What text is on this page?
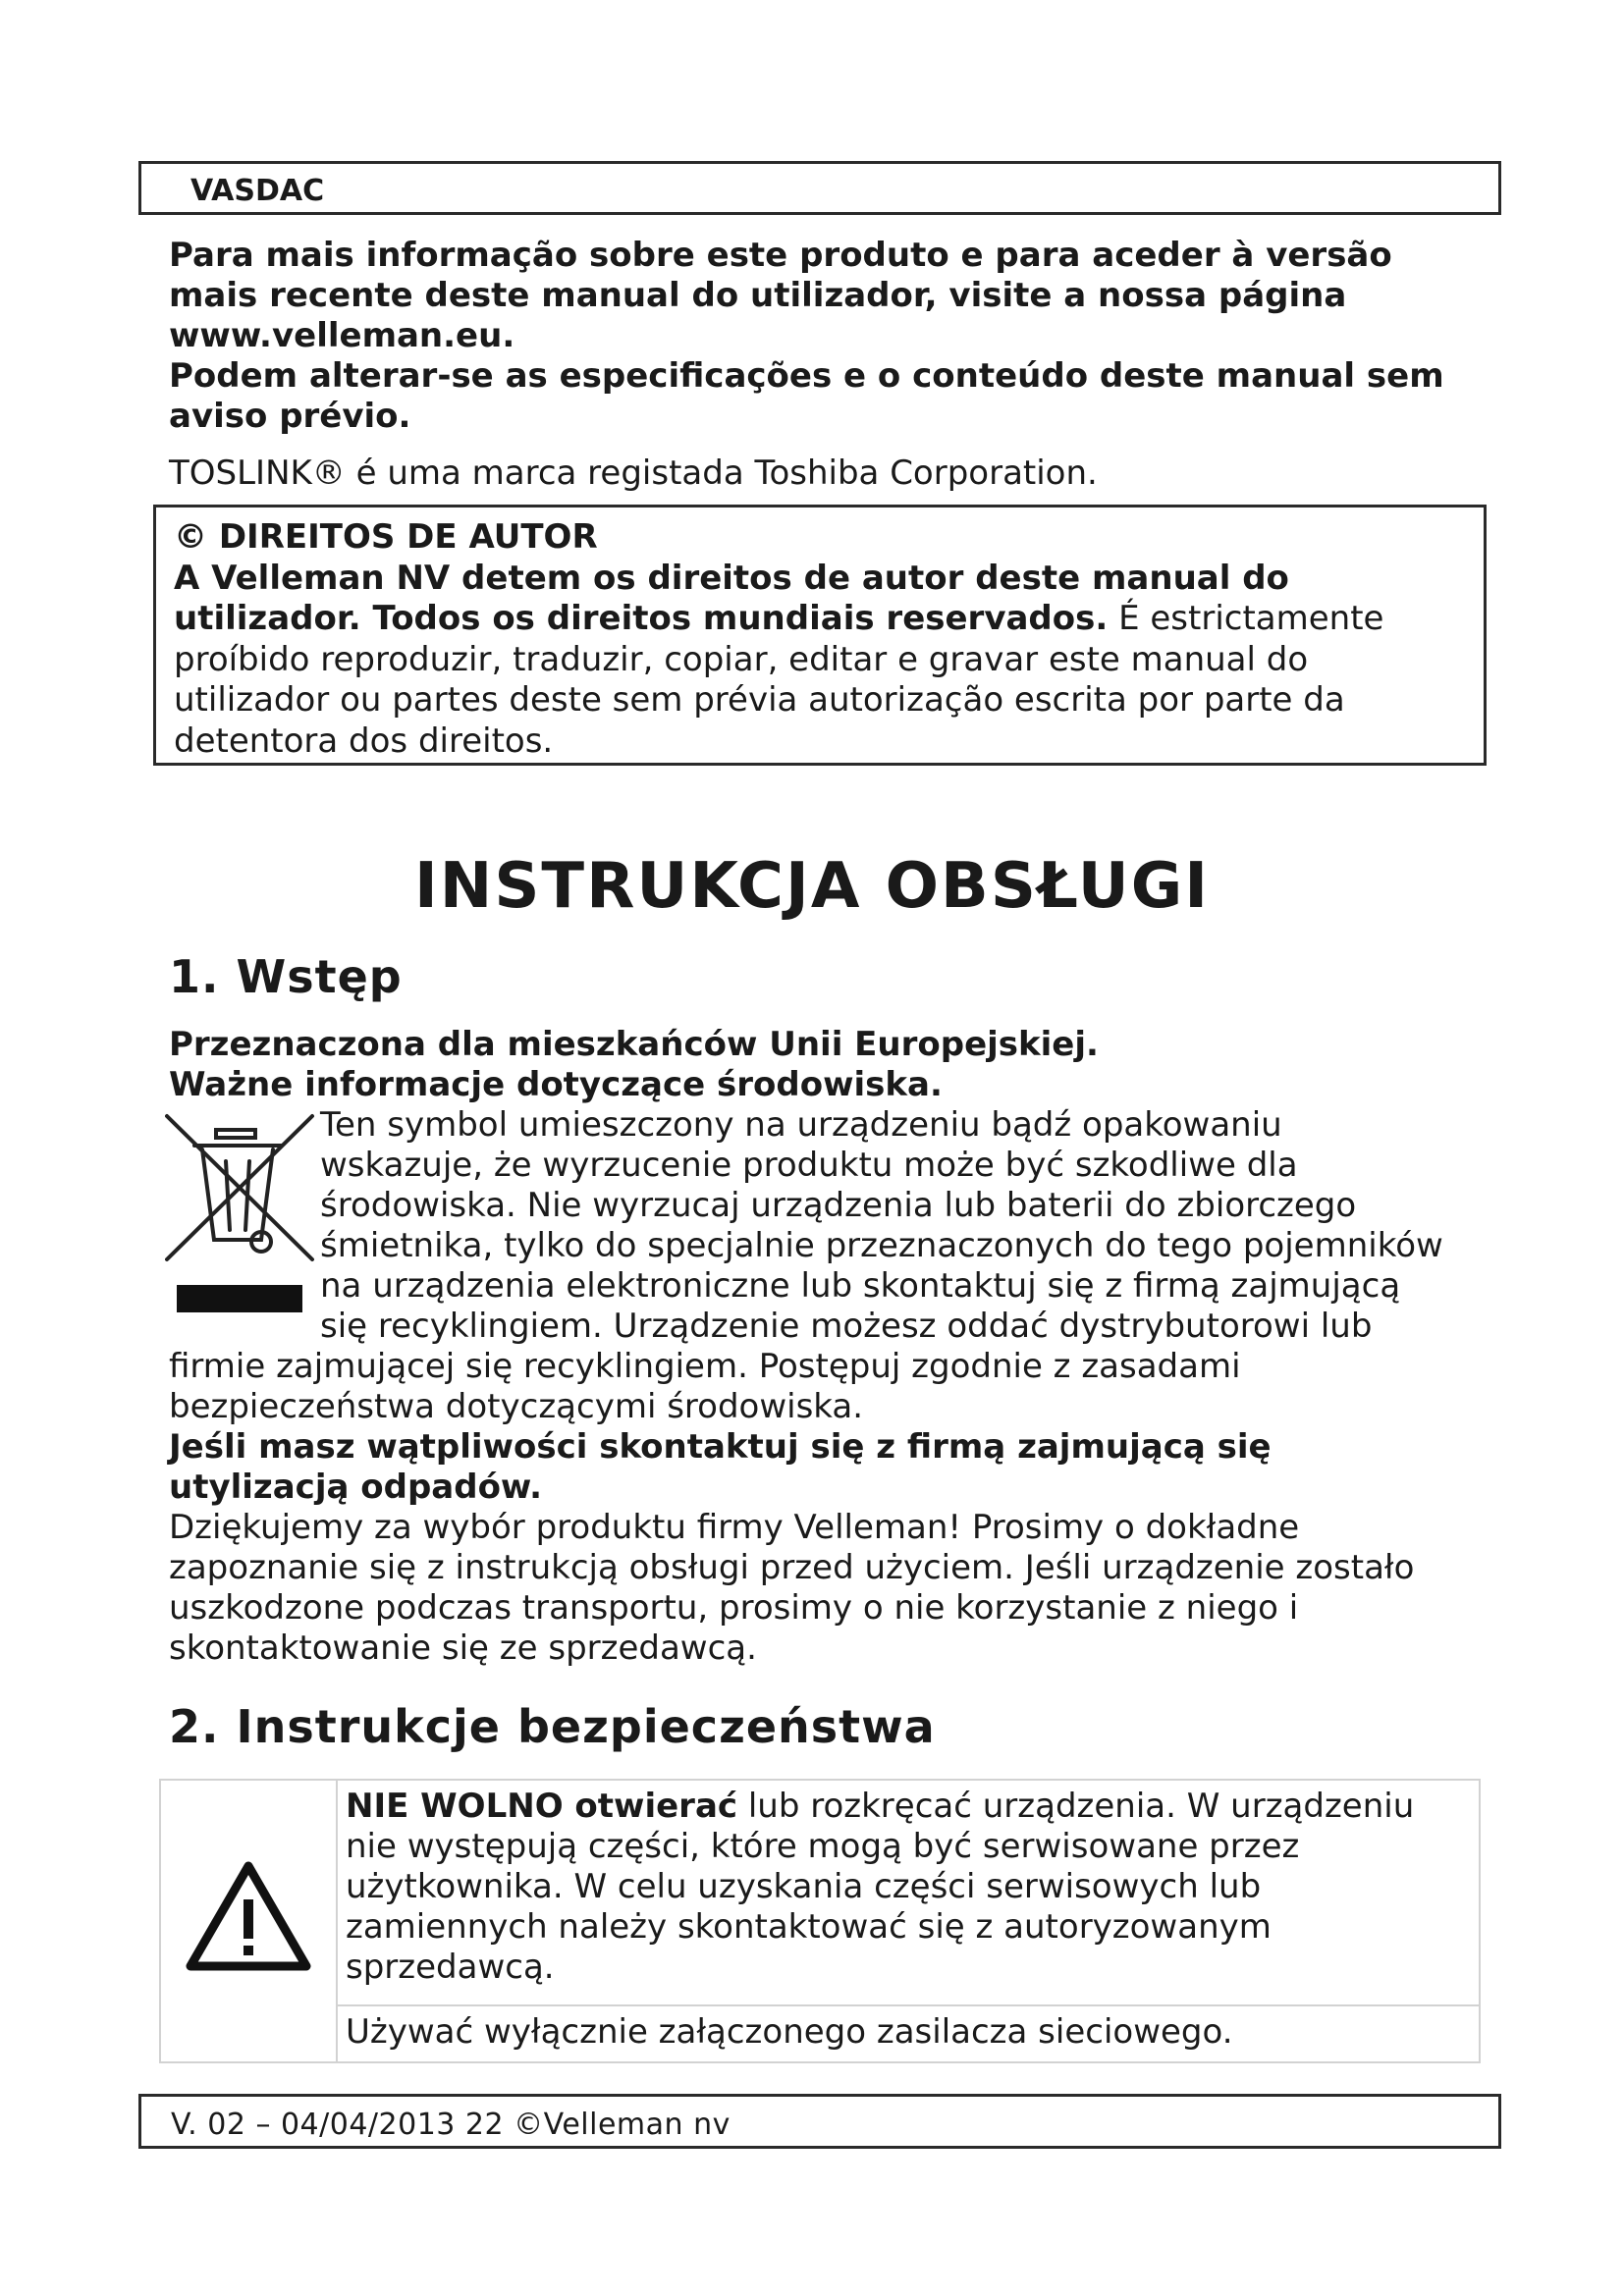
VASDAC

Para mais informação sobre este produto e para aceder à versão mais recente deste manual do utilizador, visite a nossa página www.velleman.eu.

Podem alterar-se as especificações e o conteúdo deste manual sem aviso prévio.

TOSLINK® é uma marca registada Toshiba Corporation.

© DIREITOS DE AUTOR

A Velleman NV detem os direitos de autor deste manual do utilizador. Todos os direitos mundiais reservados. É estrictamente proíbido reproduzir, traduzir, copiar, editar e gravar este manual do utilizador ou partes deste sem prévia autorização escrita por parte da detentora dos direitos.

INSTRUKCJA OBSŁUGI
1. Wstęp

Przeznaczona dla mieszkańców Unii Europejskiej.

Ważne informacje dotyczące środowiska.

Ten symbol umieszczony na urządzeniu bądź opakowaniu

wskazuje, że wyrzucenie produktu może być szkodliwe dla

środowiska. Nie wyrzucaj urządzenia lub baterii do zbiorczego

śmietnika, tylko do specjalnie przeznaczonych do tego pojemników

na urządzenia elektroniczne lub skontaktuj się z firmą zajmującą

się recyklingiem. Urządzenie możesz oddać dystrybutorowi lub

firmie zajmującej się recyklingiem. Postępuj zgodnie z zasadami bezpieczeństwa dotyczącymi środowiska.

Jeśli masz wątpliwości skontaktuj się z firmą zajmującą się utylizacją odpadów.

Dziękujemy za wybór produktu firmy Velleman! Prosimy o dokładne zapoznanie się z instrukcją obsługi przed użyciem. Jeśli urządzenie zostało uszkodzone podczas transportu, prosimy o nie korzystanie z niego i skontaktowanie się ze sprzedawcą.

2. Instrukcje bezpieczeństwa
	NIE WOLNO otwierać lub rozkręcać urządzenia. W urządzeniu nie występują części, które mogą być serwisowane przez użytkownika. W celu uzyskania części serwisowych lub zamiennych należy skontaktować się z autoryzowanym sprzedawcą.
Używać wyłącznie załączonego zasilacza sieciowego.
V. 02 – 04/04/2013 22 ©Velleman nv
